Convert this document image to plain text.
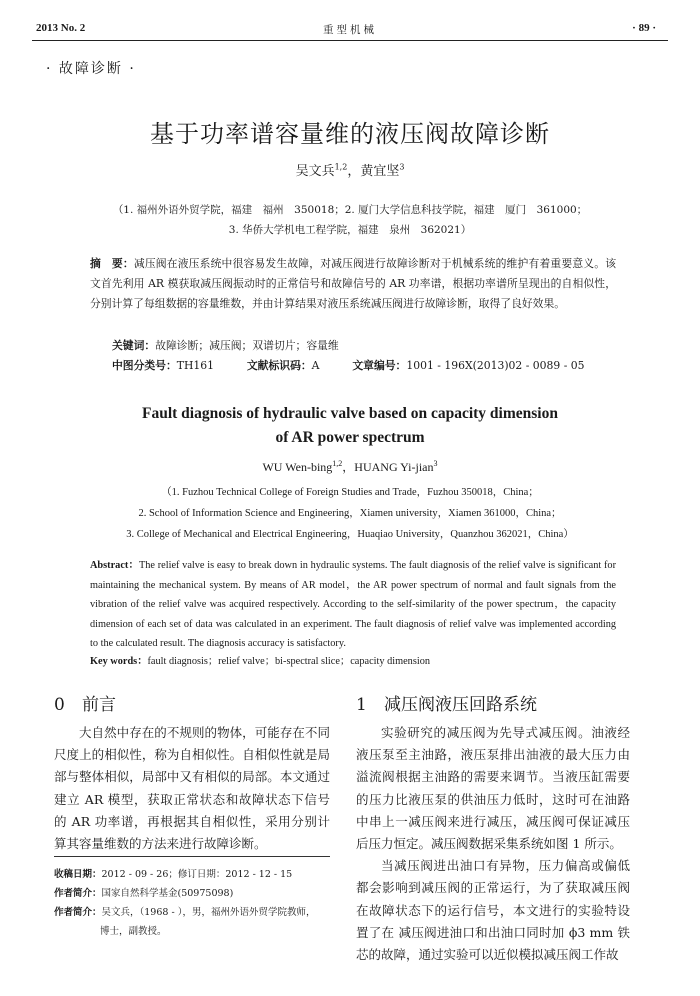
2013 No. 2	重型机械	· 89 ·
· 故障诊断 ·
基于功率谱容量维的液压阀故障诊断
吴文兵$^{1,2}$，黄宜坚$^3$
（1. 福州外语外贸学院，福建　福州　350018；2. 厦门大学信息科技学院，福建　厦门　361000；
3. 华侨大学机电工程学院，福建　泉州　362021）
摘　要：减压阀在液压系统中很容易发生故障，对减压阀进行故障诊断对于机械系统的维护有着重要意义。该文首先利用 AR 模获取减压阀振动时的正常信号和故障信号的 AR 功率谱，根据功率谱所呈现出的自相似性，分别计算了每组数据的容量维数，并由计算结果对液压系统减压阀进行故障诊断，取得了良好效果。
关键词：故障诊断；减压阀；双谱切片；容量维
中图分类号：TH161	文献标识码：A	文章编号：1001 - 196X(2013)02 - 0089 - 05
Fault diagnosis of hydraulic valve based on capacity dimension
of AR power spectrum
WU Wen-bing$^{1,2}$，HUANG Yi-jian$^3$
（1. Fuzhou Technical College of Foreign Studies and Trade，Fuzhou 350018，China；
2. School of Information Science and Engineering，Xiamen university，Xiamen 361000，China；
3. College of Mechanical and Electrical Engineering，Huaqiao University，Quanzhou 362021，China）
Abstract：The relief valve is easy to break down in hydraulic systems. The fault diagnosis of the relief valve is significant for maintaining the mechanical system. By means of AR model，the AR power spectrum of normal and fault signals from the vibration of the relief valve was acquired respectively. According to the self-similarity of the power spectrum，the capacity dimension of each set of data was calculated in an experiment. The fault diagnosis of relief valve was implemented according to the calculated result. The diagnosis accuracy is satisfactory.
Key words：fault diagnosis；relief valve；bi-spectral slice；capacity dimension
0 前言	1 减压阀液压回路系统

大自然中存在的不规则的物体，可能存在不同尺度上的相似性，称为自相似性。自相似性就是局部与整体相似，局部中又有相似的局部。本文通过建立 AR 模型，获取正常状态和故障状态下信号的 AR 功率谱，再根据其自相似性，采用分别计算其容量维数的方法来进行故障诊断。

收稿日期：2012 - 09 - 26；修订日期：2012 - 12 - 15
作者简介：国家自然科学基金(50975098)
作者简介：吴文兵，（1968 - ），男，福州外语外贸学院教师，
博士，副教授。

实验研究的减压阀为先导式减压阀。油液经液压泵至主油路，液压泵排出油液的最大压力由溢流阀根据主油路的需要来调节。当液压缸需要的压力比液压泵的供油压力低时，这时可在油路中串上一减压阀来进行减压，减压阀可保证减压后压力恒定。减压阀数据采集系统如图 1 所示。

当减压阀进出油口有异物，压力偏高或偏低都会影响到减压阀的正常运行，为了获取减压阀在故障状态下的运行信号，本文进行的实验特设置了在 减压阀进油口和出油口同时加 ϕ3 mm 铁芯的故障，通过实验可以近似模拟减压阀工作故
